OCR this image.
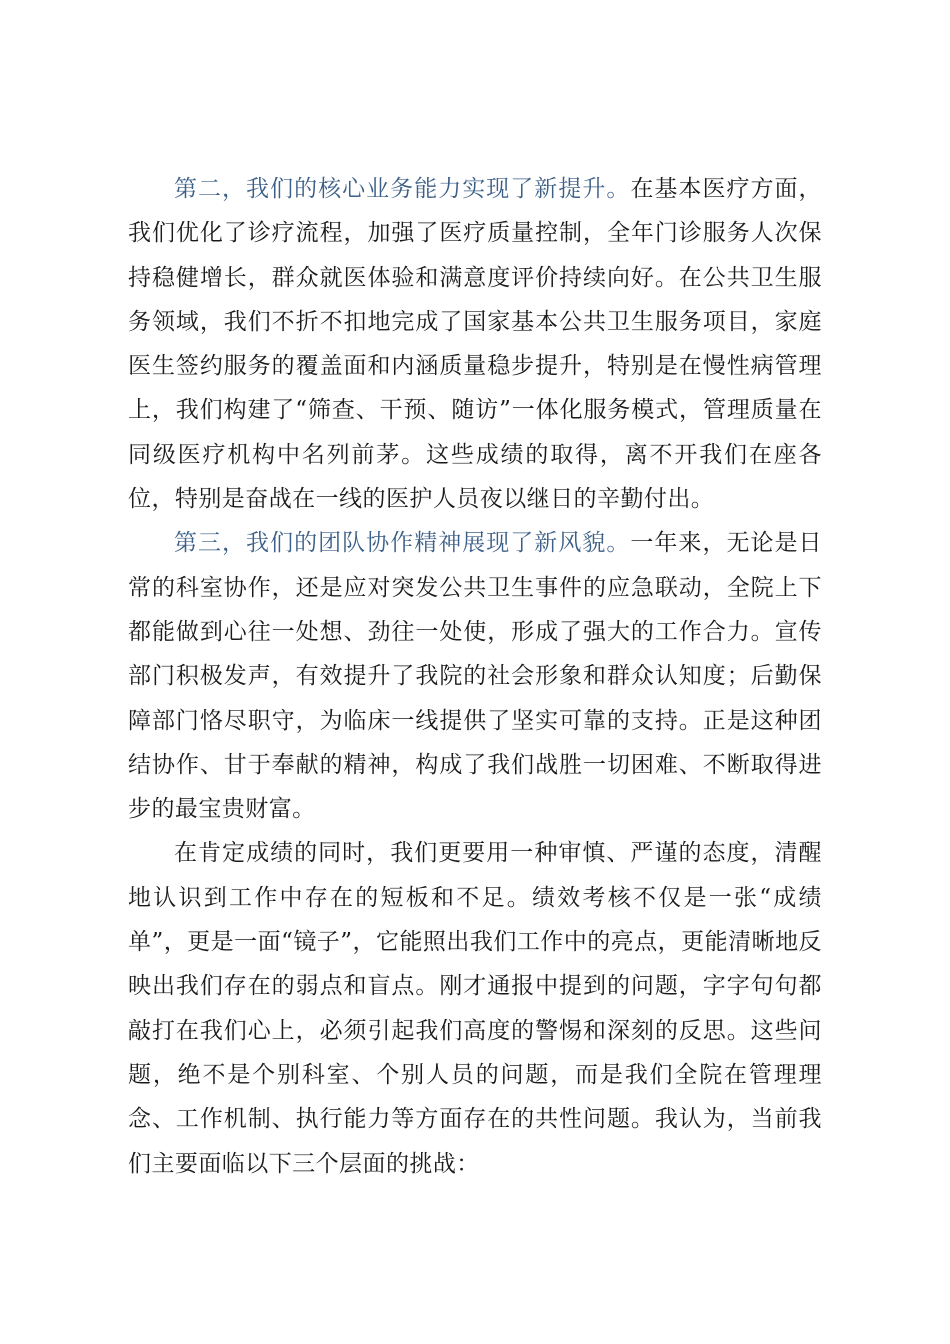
第二，我们的核心业务能力实现了新提升。在基本医疗方面，我们优化了诊疗流程，加强了医疗质量控制，全年门诊服务人次保持稳健增长，群众就医体验和满意度评价持续向好。在公共卫生服务领域，我们不折不扣地完成了国家基本公共卫生服务项目，家庭医生签约服务的覆盖面和内涵质量稳步提升，特别是在慢性病管理上，我们构建了“筛查、干预、随访”一体化服务模式，管理质量在同级医疗机构中名列前茅。这些成绩的取得，离不开我们在座各位，特别是奋战在一线的医护人员夜以继日的辛勤付出。

第三，我们的团队协作精神展现了新风貌。一年来，无论是日常的科室协作，还是应对突发公共卫生事件的应急联动，全院上下都能做到心往一处想、劲往一处使，形成了强大的工作合力。宣传部门积极发声，有效提升了我院的社会形象和群众认知度；后勤保障部门恪尽职守，为临床一线提供了坚实可靠的支持。正是这种团结协作、甘于奉献的精神，构成了我们战胜一切困难、不断取得进步的最宝贵财富。

在肯定成绩的同时，我们更要用一种审慎、严谨的态度，清醒地认识到工作中存在的短板和不足。绩效考核不仅是一张“成绩单”，更是一面“镜子”，它能照出我们工作中的亮点，更能清晰地反映出我们存在的弱点和盲点。刚才通报中提到的问题，字字句句都敲打在我们心上，必须引起我们高度的警惕和深刻的反思。这些问题，绝不是个别科室、个别人员的问题，而是我们全院在管理理念、工作机制、执行能力等方面存在的共性问题。我认为，当前我们主要面临以下三个层面的挑战：
